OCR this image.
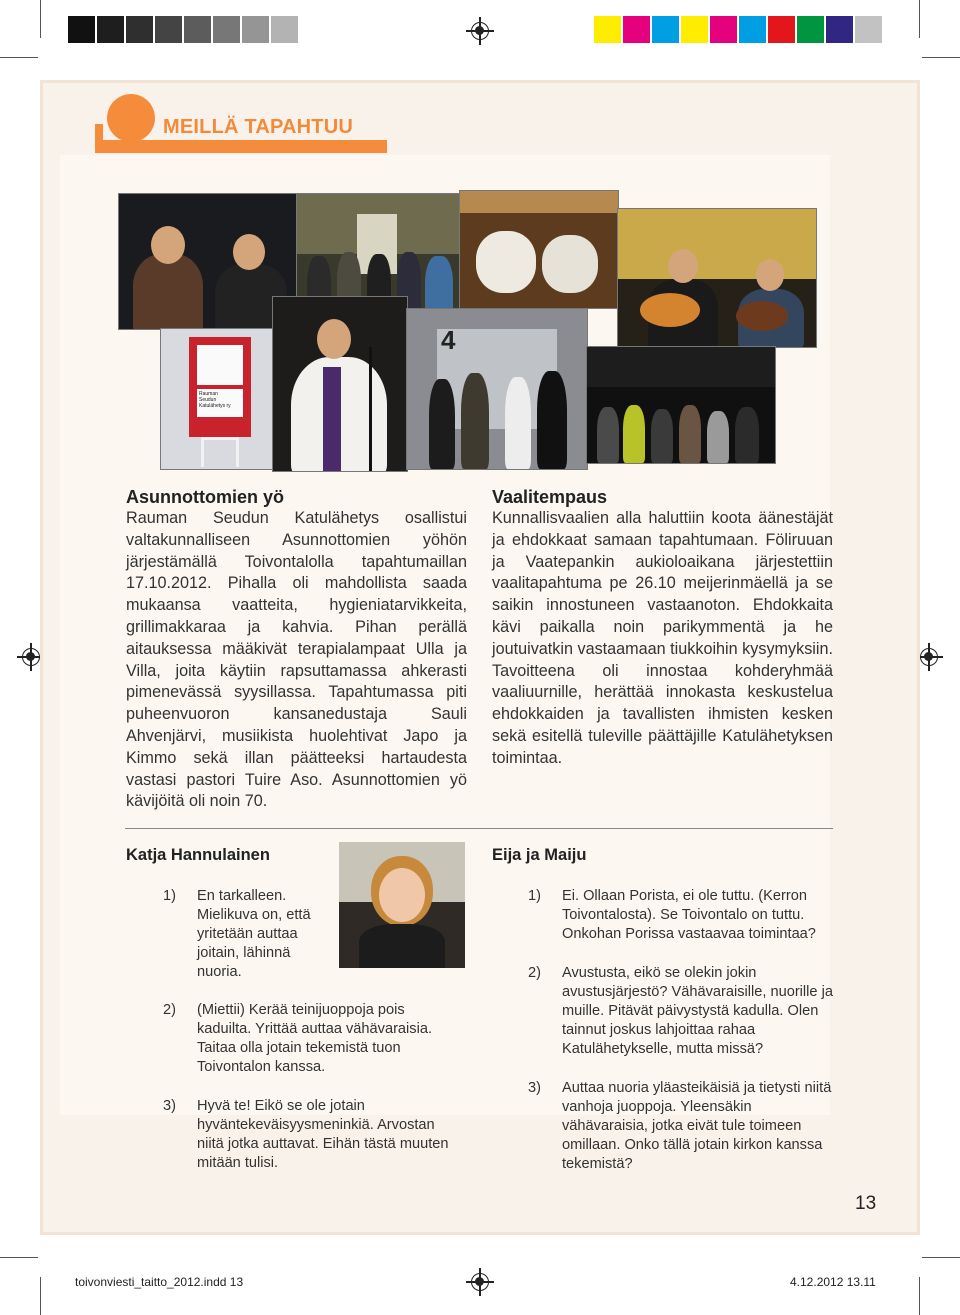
MEILLÄ TAPAHTUU
Rauman
Seudun
Katulähetys ry
4
Asunnottomien yö

Rauman Seudun Katulähetys osallistui valtakunnalliseen Asunnottomien yöhön järjestämällä Toivontalolla tapahtumaillan 17.10.2012. Pihalla oli mahdollista saada mukaansa vaatteita, hygieniatarvikkeita, grillimakkaraa ja kahvia. Pihan perällä aitauksessa määkivät terapialampaat Ulla ja Villa, joita käytiin rapsuttamassa ahkerasti pimenevässä syysillassa. Tapahtumassa piti puheenvuoron kansanedustaja Sauli Ahvenjärvi, musiikista huolehtivat Japo ja Kimmo sekä illan päätteeksi hartaudesta vastasi pastori Tuire Aso. Asunnottomien yö kävijöitä oli noin 70.

Vaalitempaus

Kunnallisvaalien alla haluttiin koota äänestäjät ja ehdokkaat samaan tapahtumaan. Föliruuan ja Vaatepankin aukioloaikana järjestettiin vaalitapahtuma pe 26.10 meijerinmäellä ja se saikin innostuneen vastaanoton. Ehdokkaita kävi paikalla noin parikymmentä ja he joutuivatkin vastaamaan tiukkoihin kysymyksiin. Tavoitteena oli innostaa kohderyhmää vaaliuurnille, herättää innokasta keskustelua ehdokkaiden ja tavallisten ihmisten kesken sekä esitellä tuleville päättäjille Katulähetyksen toimintaa.

Katja Hannulainen
1)	En tarkalleen. Mielikuva on, että yritetään auttaa joitain, lähinnä nuoria.
2)	(Miettii) Kerää teinijuoppoja pois kaduilta. Yrittää auttaa vähävaraisia. Taitaa olla jotain tekemistä tuon Toivontalon kanssa.
3)	Hyvä te! Eikö se ole jotain hyväntekeväisyysmeninkiä. Arvostan niitä jotka auttavat. Eihän tästä muuten mitään tulisi.
Eija ja Maiju
1)	Ei. Ollaan Porista, ei ole tuttu. (Kerron Toivontalosta). Se Toivontalo on tuttu. Onkohan Porissa vastaavaa toimintaa?
2)	Avustusta, eikö se olekin jokin avustusjärjestö? Vähävaraisille, nuorille ja muille. Pitävät päivystystä kadulla. Olen tainnut joskus lahjoittaa rahaa Katulähetykselle, mutta missä?
3)	Auttaa nuoria yläasteikäisiä ja tietysti niitä vanhoja juoppoja. Yleensäkin vähävaraisia, jotka eivät tule toimeen omillaan. Onko tällä jotain kirkon kanssa tekemistä?
13
toivonviesti_taitto_2012.indd 13	4.12.2012 13.11
